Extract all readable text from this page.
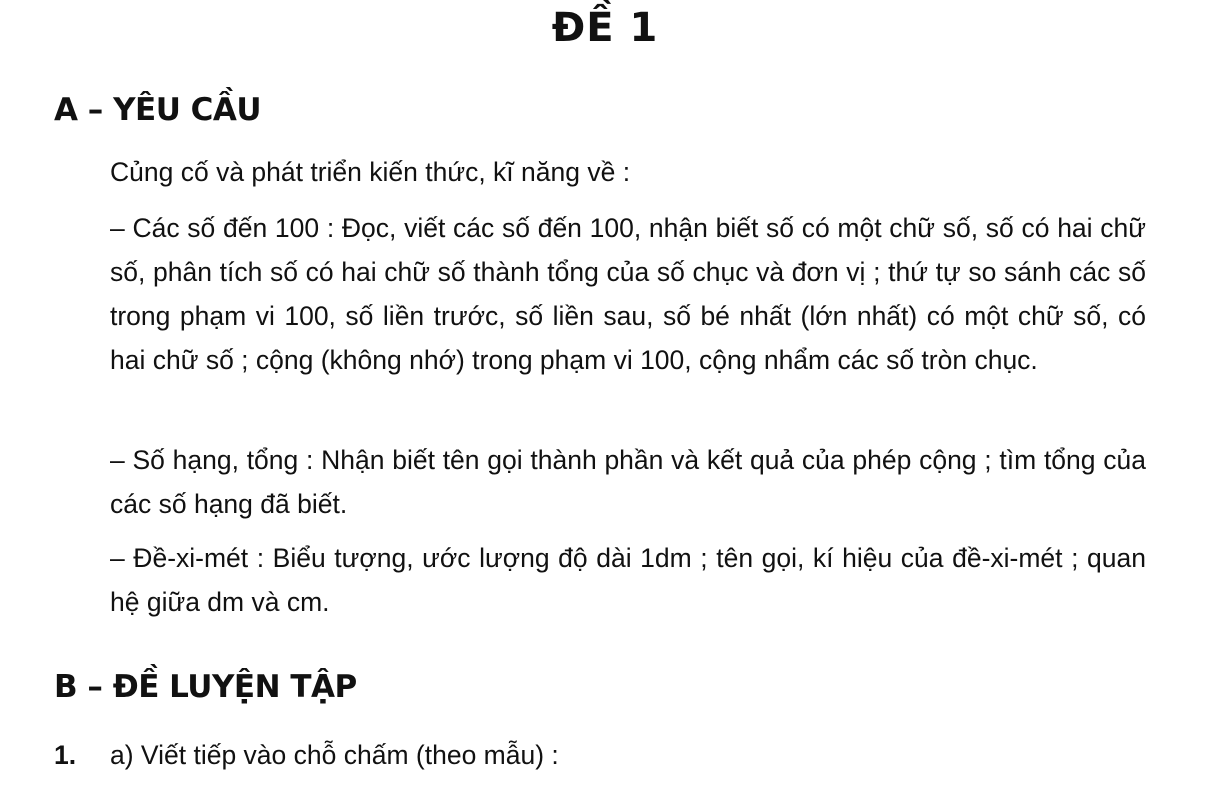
ĐỀ 1
A – YÊU CẦU
Củng cố và phát triển kiến thức, kĩ năng về :
– Các số đến 100 : Đọc, viết các số đến 100, nhận biết số có một chữ số, số có hai chữ số, phân tích số có hai chữ số thành tổng của số chục và đơn vị ; thứ tự so sánh các số trong phạm vi 100, số liền trước, số liền sau, số bé nhất (lớn nhất) có một chữ số, có hai chữ số ; cộng (không nhớ) trong phạm vi 100, cộng nhẩm các số tròn chục.
– Số hạng, tổng : Nhận biết tên gọi thành phần và kết quả của phép cộng ; tìm tổng của các số hạng đã biết.
– Đề-xi-mét : Biểu tượng, ước lượng độ dài 1dm ; tên gọi, kí hiệu của đề-xi-mét ; quan hệ giữa dm và cm.
B – ĐỀ LUYỆN TẬP
1. a) Viết tiếp vào chỗ chấm (theo mẫu) :
